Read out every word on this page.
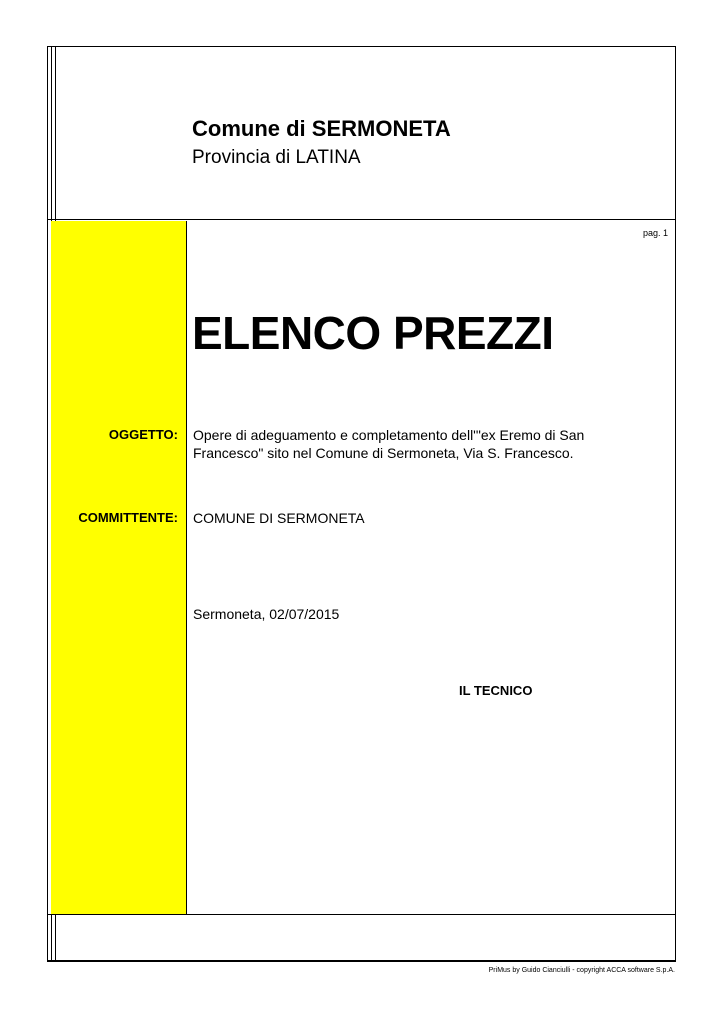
Comune di SERMONETA
Provincia di LATINA
pag. 1
ELENCO PREZZI
OGGETTO: Opere di adeguamento e completamento dell'"ex Eremo di San
Francesco" sito nel Comune di Sermoneta, Via S. Francesco.
COMMITTENTE: COMUNE DI SERMONETA
Sermoneta, 02/07/2015
IL TECNICO
PriMus by Guido Cianciulli - copyright ACCA software S.p.A.
